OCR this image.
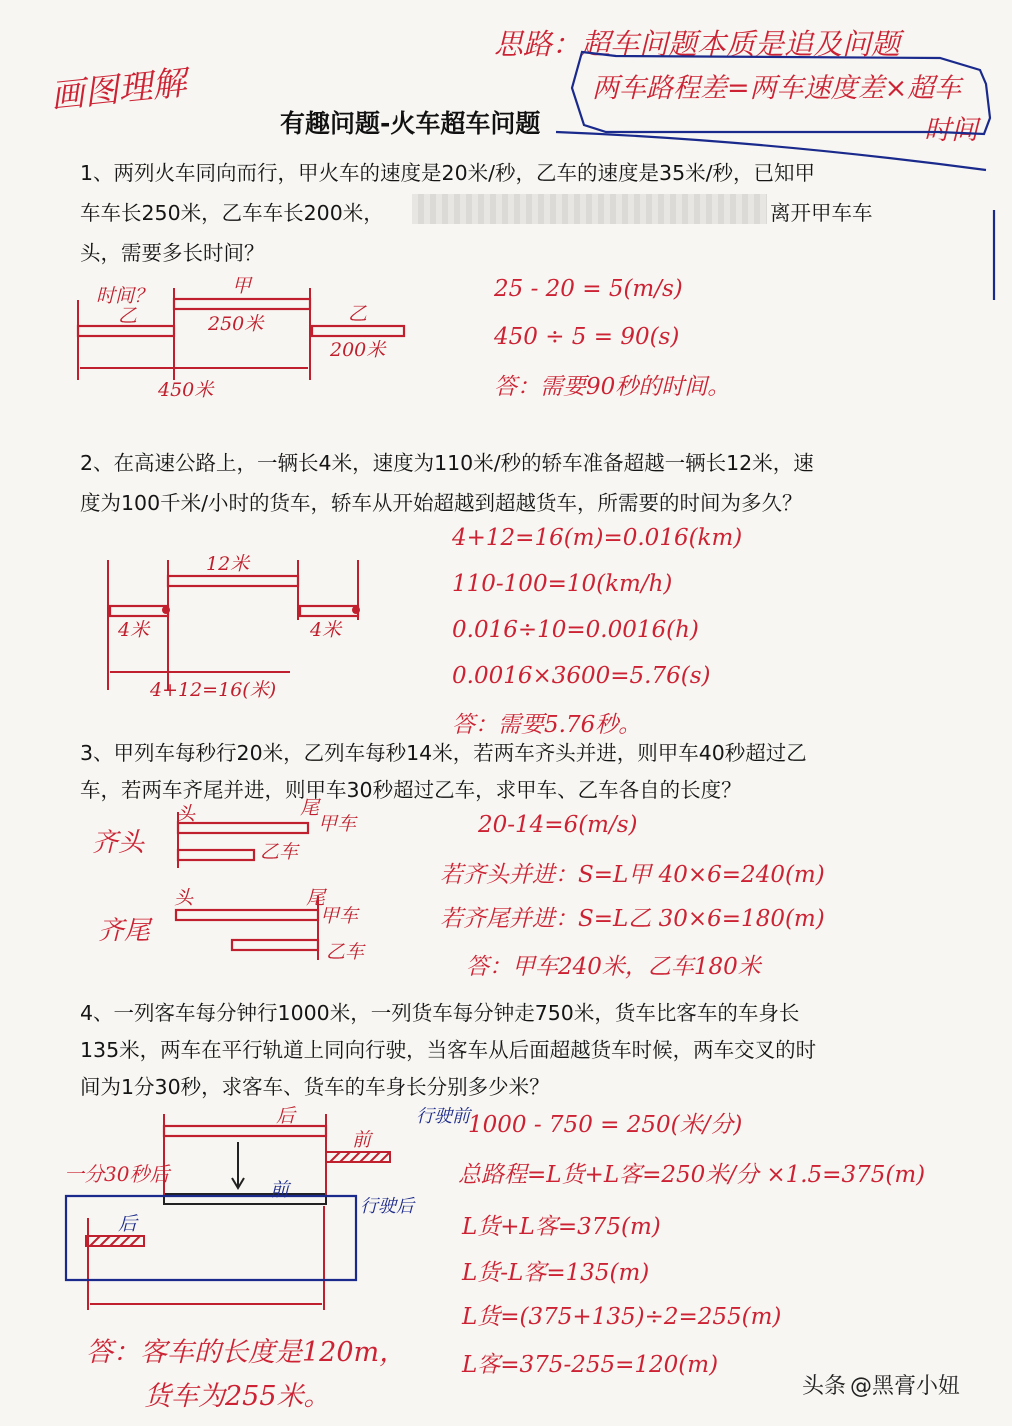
画图理解
思路：超车问题本质是追及问题
两车路程差=两车速度差×超车
时间
有趣问题-火车超车问题
1、两列火车同向而行，甲火车的速度是20米/秒，乙车的速度是35米/秒，已知甲
车车长250米，乙车车长200米，	离开甲车车
头，需要多长时间？
25 - 20 = 5(m/s)
450 ÷ 5 = 90(s)
答：需要90秒的时间。
2、在高速公路上，一辆长4米，速度为110米/秒的轿车准备超越一辆长12米，速
度为100千米/小时的货车，轿车从开始超越到超越货车，所需要的时间为多久？
4+12=16(m)=0.016(km)
110-100=10(km/h)
0.016÷10=0.0016(h)
0.0016×3600=5.76(s)
答：需要5.76秒。
3、甲列车每秒行20米，乙列车每秒14米，若两车齐头并进，则甲车40秒超过乙
车，若两车齐尾并进，则甲车30秒超过乙车，求甲车、乙车各自的长度？
20-14=6(m/s)
若齐头并进：S=L甲 40×6=240(m)
若齐尾并进：S=L乙 30×6=180(m)
答：甲车240米，乙车180米
齐头
齐尾
4、一列客车每分钟行1000米，一列货车每分钟走750米，货车比客车的车身长
135米，两车在平行轨道上同向行驶，当客车从后面超越货车时候，两车交叉的时
间为1分30秒，求客车、货车的车身长分别多少米？
1000 - 750 = 250(米/分)
总路程=L货+L客=250米/分 ×1.5=375(m)
L货+L客=375(m)
L货-L客=135(m)
L货=(375+135)÷2=255(m)
L客=375-255=120(m)
答：客车的长度是120m，
货车为255米。
一分30秒后
行驶前
行驶后
时间？
乙
甲
250米	乙
200米
450米
12米
4米	4米
4+12=16(米)
头	尾
甲车
乙车
头	尾
甲车
乙车
后
前
前
后
头条 @黑膏小妞
